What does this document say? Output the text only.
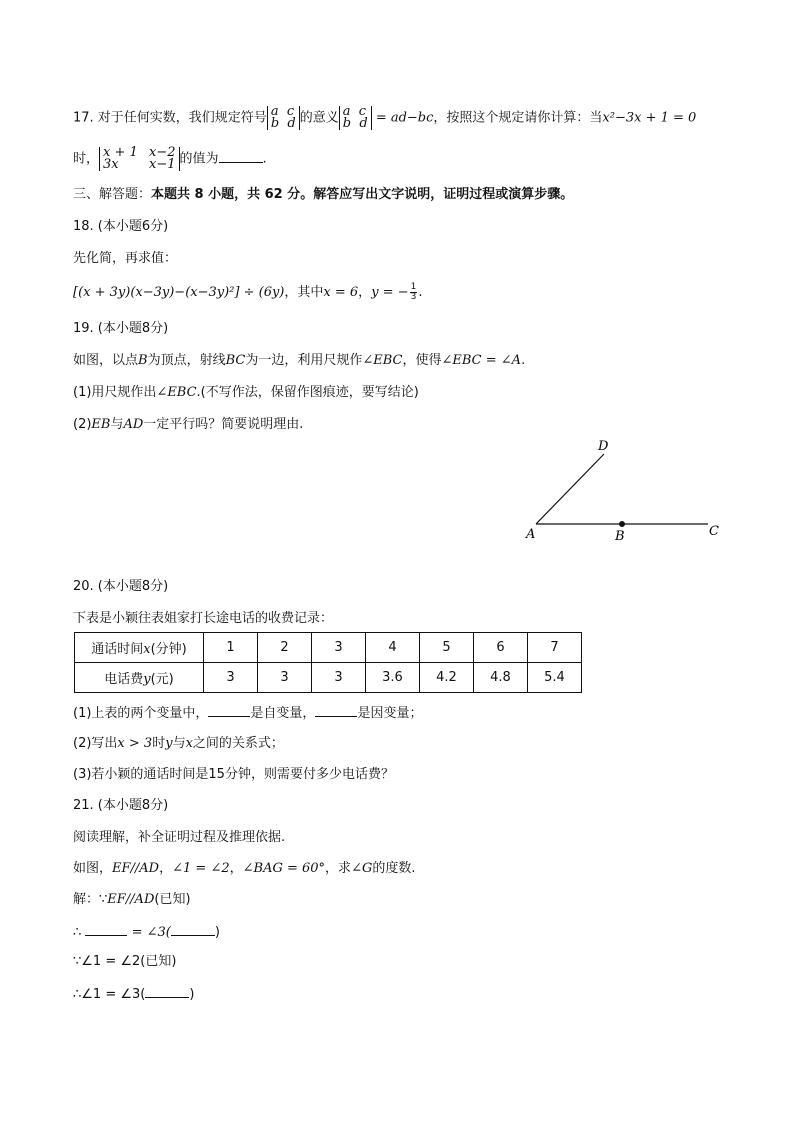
17. 对于任何实数，我们规定符号 a c
b d 的意义 a c
b d = ad−bc，按照这个规定请你计算：当x²−3x + 1 = 0
时， x + 1 x−2
3x x−1 的值为	.
三、解答题：本题共 8 小题，共 62 分。解答应写出文字说明，证明过程或演算步骤。
18. (本小题6分)
先化简，再求值：
[(x + 3y)(x−3y)−(x−3y)²] ÷ (6y)，其中x = 6，y = − $\frac{1}{3}$ .
19. (本小题8分)
如图，以点B为顶点，射线BC为一边，利用尺规作∠EBC，使得∠EBC = ∠A.
(1)用尺规作出∠EBC.(不写作法，保留作图痕迹，要写结论)
(2)EB与AD一定平行吗？简要说明理由.
D
A	B	C
20. (本小题8分)
下表是小颖往表姐家打长途电话的收费记录：
通话时间x(分钟)	1	2	3	4	5	6	7
电话费y(元)	3	3	3	3.6	4.2	4.8	5.4
(1)上表的两个变量中，	是自变量，	是因变量；
(2)写出x > 3时y与x之间的关系式；
(3)若小颖的通话时间是15分钟，则需要付多少电话费？
21. (本小题8分)
阅读理解，补全证明过程及推理依据.
如图，EF//AD，∠1 = ∠2，∠BAG = 60°，求∠G的度数.
解：∵EF//AD(已知)
∴	= ∠3(	)
∵∠1 = ∠2(已知)
∴∠1 = ∠3(	)
